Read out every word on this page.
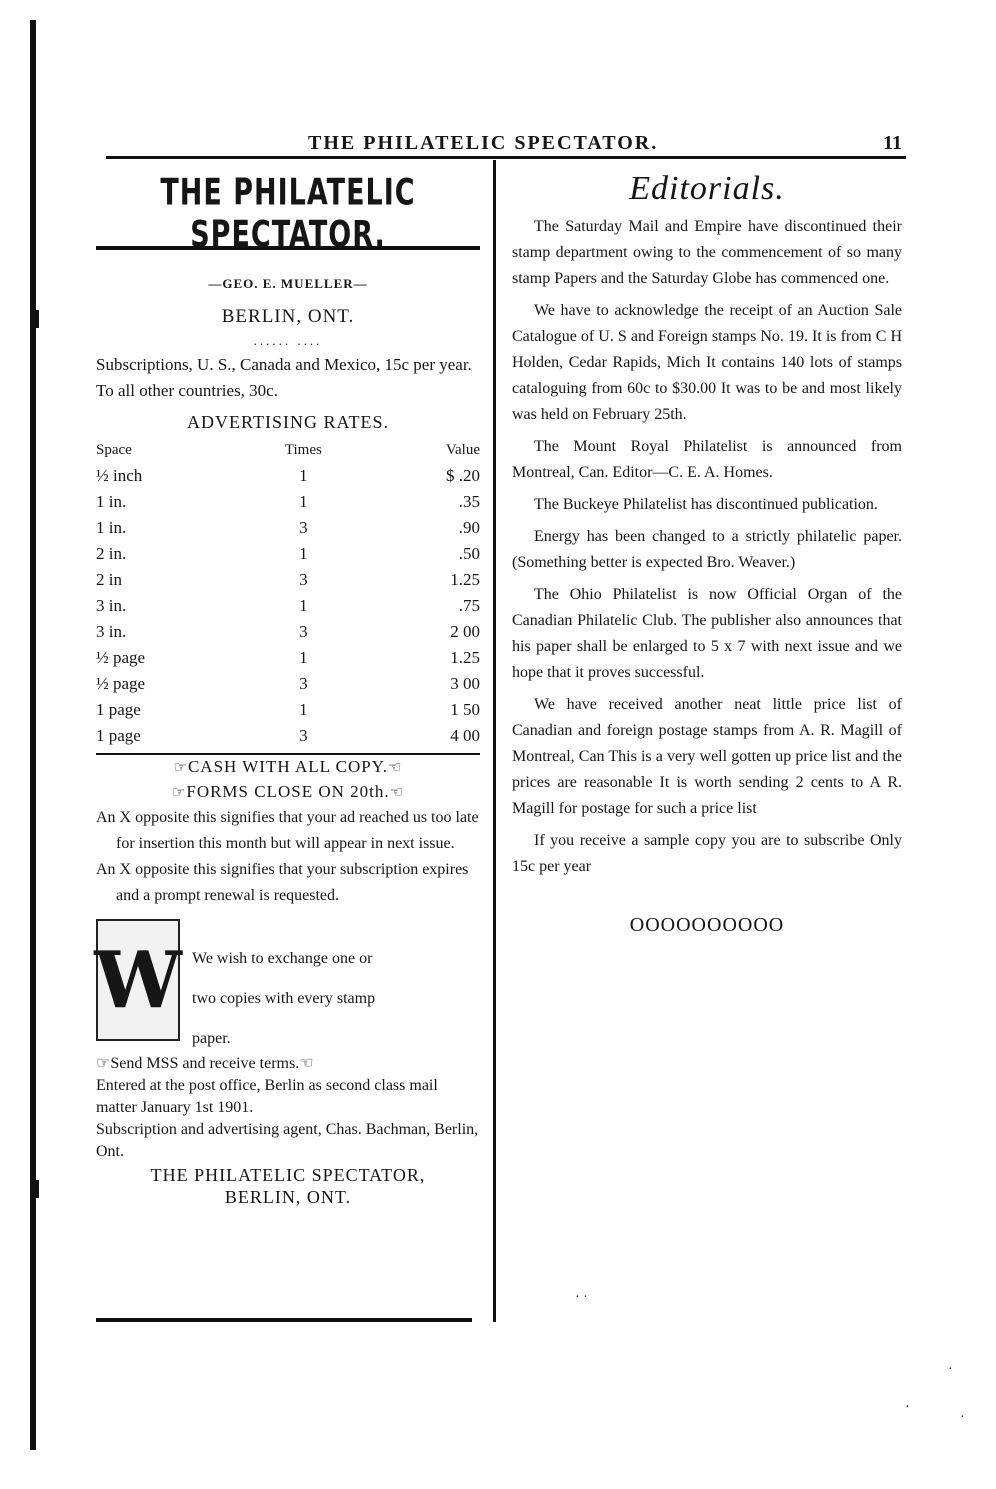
THE PHILATELIC SPECTATOR.	11
THE PHILATELIC SPECTATOR.
—GEO. E. MUELLER—
BERLIN, ONT.
...... ....
Subscriptions, U. S., Canada and Mexico, 15c per year. To all other countries, 30c.
ADVERTISING RATES.
Space	Times	Value
½ inch	1	$ .20
1 in.	1	.35
1 in.	3	.90
2 in.	1	.50
2 in	3	1.25
3 in.	1	.75
3 in.	3	2 00
½ page	1	1.25
½ page	3	3 00
1 page	1	1 50
1 page	3	4 00
☞CASH WITH ALL COPY.☜
☞FORMS CLOSE ON 20th.☜
An X opposite this signifies that your ad reached us too late for insertion this month but will appear in next issue.
An X opposite this signifies that your subscription expires and a prompt renewal is requested.
W We wish to exchange one or
two copies with every stamp
paper.
☞Send MSS and receive terms.☜
Entered at the post office, Berlin as second class mail matter January 1st 1901.
Subscription and advertising agent, Chas. Bachman, Berlin, Ont.
THE PHILATELIC SPECTATOR,
BERLIN, ONT.
Editorials.
The Saturday Mail and Empire have discontinued their stamp department owing to the commencement of so many stamp Papers and the Saturday Globe has commenced one.
We have to acknowledge the receipt of an Auction Sale Catalogue of U. S and Foreign stamps No. 19. It is from C H Holden, Cedar Rapids, Mich It contains 140 lots of stamps cataloguing from 60c to $30.00 It was to be and most likely was held on February 25th.
The Mount Royal Philatelist is announced from Montreal, Can. Editor—C. E. A. Homes.
The Buckeye Philatelist has discontinued publication.
Energy has been changed to a strictly philatelic paper. (Something better is expected Bro. Weaver.)
The Ohio Philatelist is now Official Organ of the Canadian Philatelic Club. The publisher also announces that his paper shall be enlarged to 5 x 7 with next issue and we hope that it proves successful.
We have received another neat little price list of Canadian and foreign postage stamps from A. R. Magill of Montreal, Can This is a very well gotten up price list and the prices are reasonable It is worth sending 2 cents to A R. Magill for postage for such a price list
If you receive a sample copy you are to subscribe Only 15c per year
OOOOOOOOOO
· ·
·
·
·
